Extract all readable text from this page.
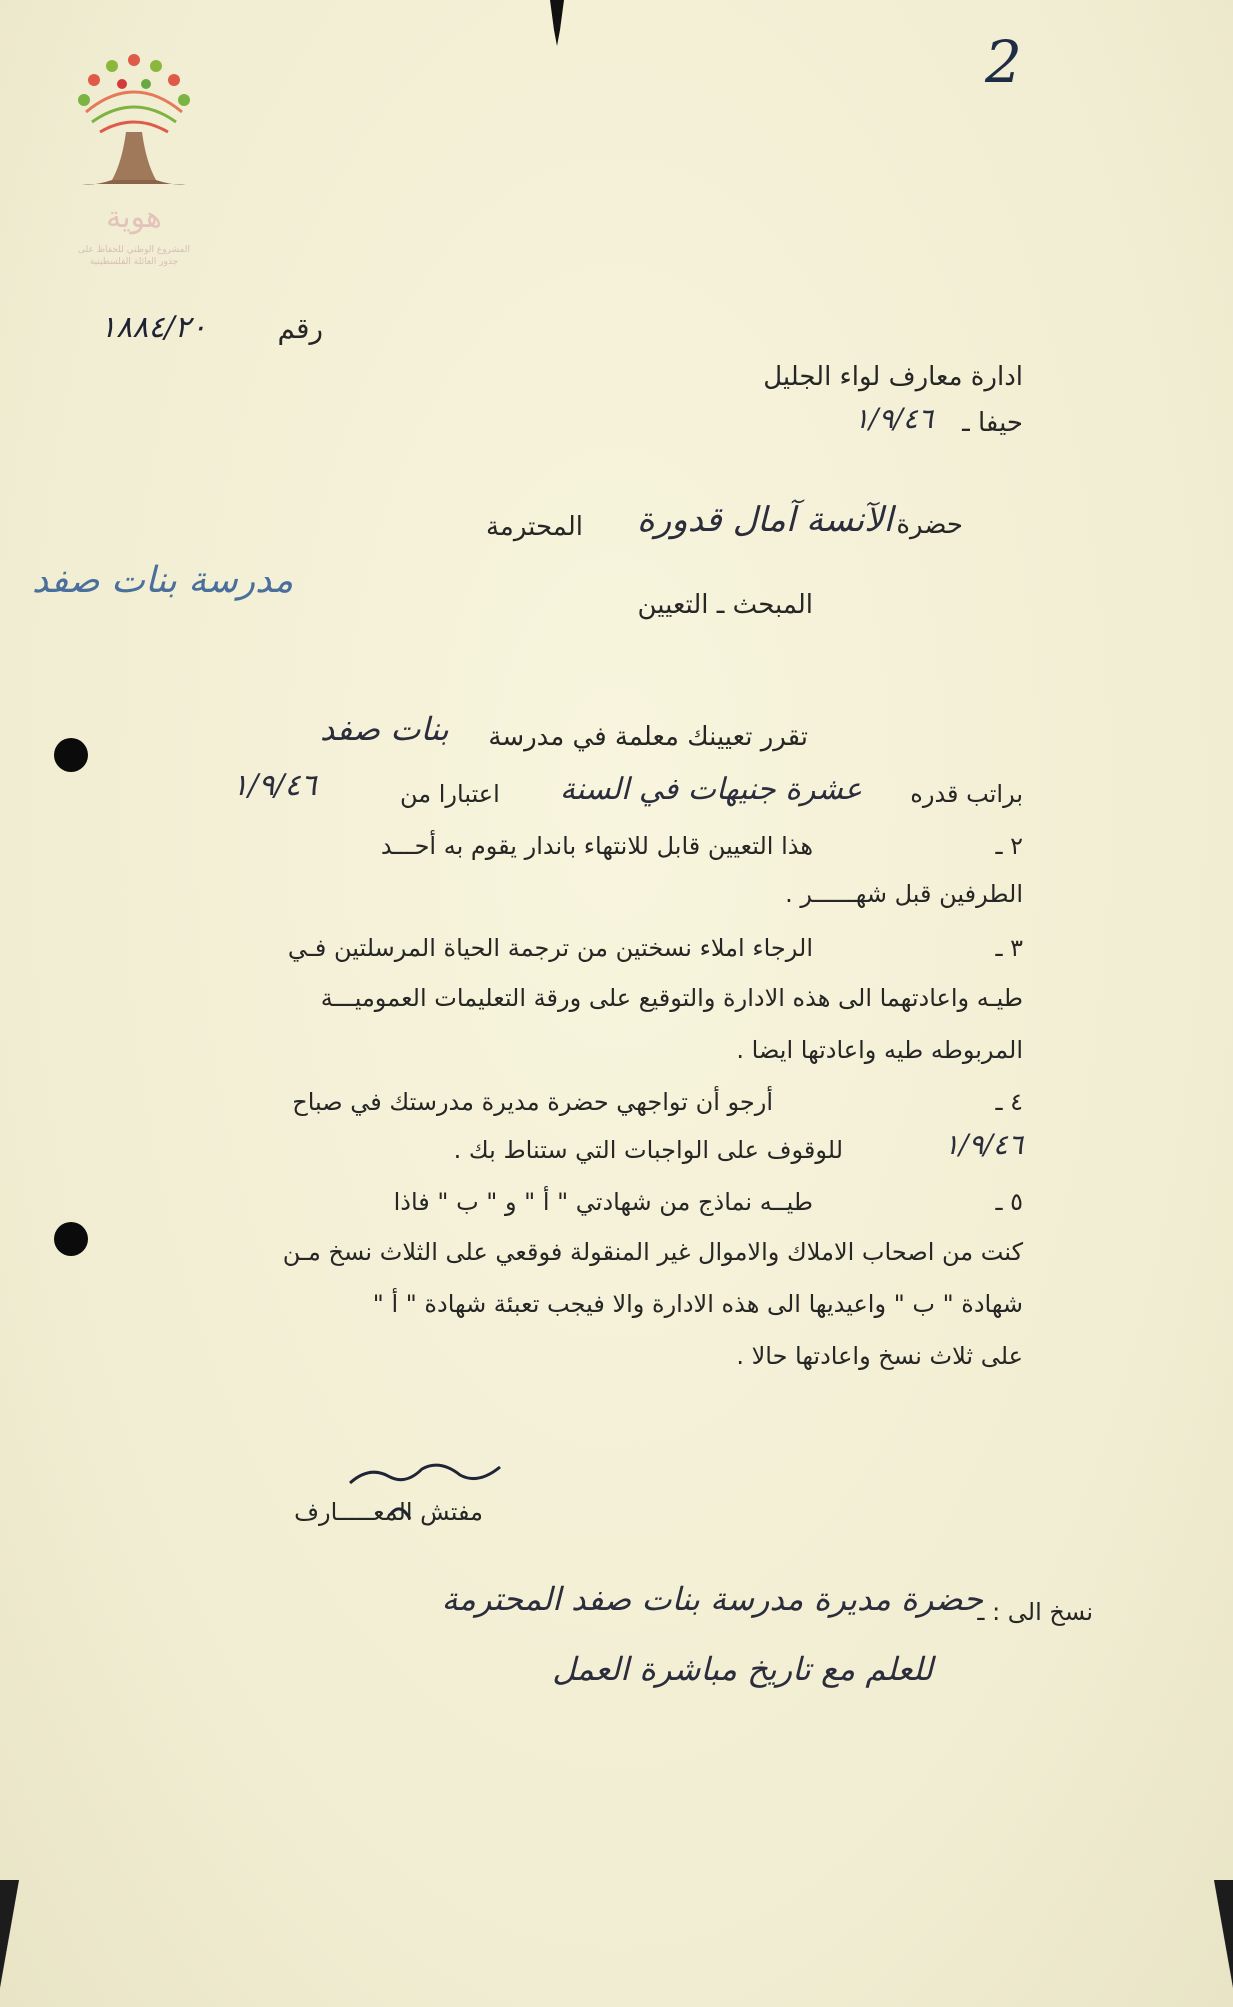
هوية
المشروع الوطني للحفاظ على
جذور العائلة الفلسطينية
2
رقم
١٨٨٤/٢٠
ادارة معارف لواء الجليل
حيفا ـ
١/٩/٤٦
حضرة
الآنسة آمال قدورة
المحترمة
مدرسة بنات صفد
المبحث ـ التعيين
تقرر تعيينك معلمة في مدرسة
بنات صفد
براتب قدره
عشرة جنيهات في السنة
اعتبارا من
١/٩/٤٦
٢ ـ
هذا التعيين قابل للانتهاء باندار يقوم به أحـــد
الطرفين قبل شهــــــر .
٣ ـ
الرجاء املاء نسختين من ترجمة الحياة المرسلتين فـي
طيـه واعادتهما الى هذه الادارة والتوقيع على ورقة التعليمات العموميـــة
المربوطه طيه واعادتها ايضا .
٤ ـ
أرجو أن تواجهي حضرة مديرة مدرستك في صباح
١/٩/٤٦
للوقوف على الواجبات التي ستناط بك .
٥ ـ
طيــه نماذج من شهادتي " أ " و " ب " فاذا
كنت من اصحاب الاملاك والاموال غير المنقولة فوقعي على الثلاث نسخ مـن
شهادة " ب " واعيديها الى هذه الادارة والا فيجب تعبئة شهادة " أ "
على ثلاث نسخ واعادتها حالا .
مفتش المعـــــارف
نسخ الى : ـ
حضرة مديرة مدرسة بنات صفد المحترمة
للعلم مع تاريخ مباشرة العمل
